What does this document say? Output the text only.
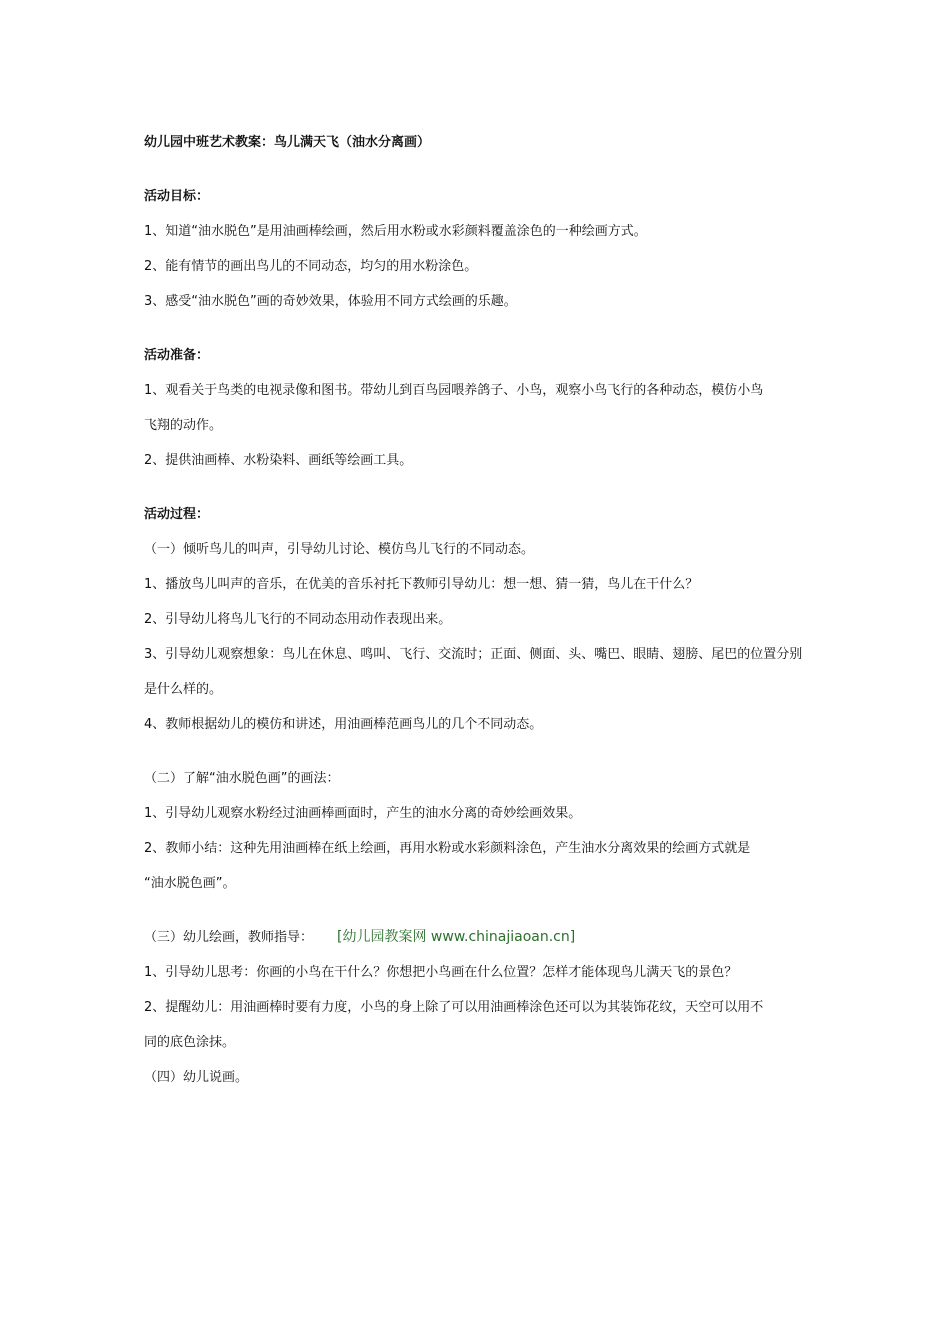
幼儿园中班艺术教案：鸟儿满天飞（油水分离画）
活动目标：
1、知道“油水脱色”是用油画棒绘画，然后用水粉或水彩颜料覆盖涂色的一种绘画方式。
2、能有情节的画出鸟儿的不同动态，均匀的用水粉涂色。
3、感受“油水脱色”画的奇妙效果，体验用不同方式绘画的乐趣。
活动准备：
1、观看关于鸟类的电视录像和图书。带幼儿到百鸟园喂养鸽子、小鸟，观察小鸟飞行的各种动态，模仿小鸟
飞翔的动作。
2、提供油画棒、水粉染料、画纸等绘画工具。
活动过程：
（一）倾听鸟儿的叫声，引导幼儿讨论、模仿鸟儿飞行的不同动态。
1、播放鸟儿叫声的音乐，在优美的音乐衬托下教师引导幼儿：想一想、猜一猜，鸟儿在干什么？
2、引导幼儿将鸟儿飞行的不同动态用动作表现出来。
3、引导幼儿观察想象：鸟儿在休息、鸣叫、飞行、交流时；正面、侧面、头、嘴巴、眼睛、翅膀、尾巴的位置分别
是什么样的。
4、教师根据幼儿的模仿和讲述，用油画棒范画鸟儿的几个不同动态。
（二）了解“油水脱色画”的画法：
1、引导幼儿观察水粉经过油画棒画面时，产生的油水分离的奇妙绘画效果。
2、教师小结：这种先用油画棒在纸上绘画，再用水粉或水彩颜料涂色，产生油水分离效果的绘画方式就是
“油水脱色画”。
（三）幼儿绘画，教师指导： [幼儿园教案网 www.chinajiaoan.cn]
1、引导幼儿思考：你画的小鸟在干什么？你想把小鸟画在什么位置？怎样才能体现鸟儿满天飞的景色？
2、提醒幼儿：用油画棒时要有力度，小鸟的身上除了可以用油画棒涂色还可以为其装饰花纹，天空可以用不
同的底色涂抹。
（四）幼儿说画。
